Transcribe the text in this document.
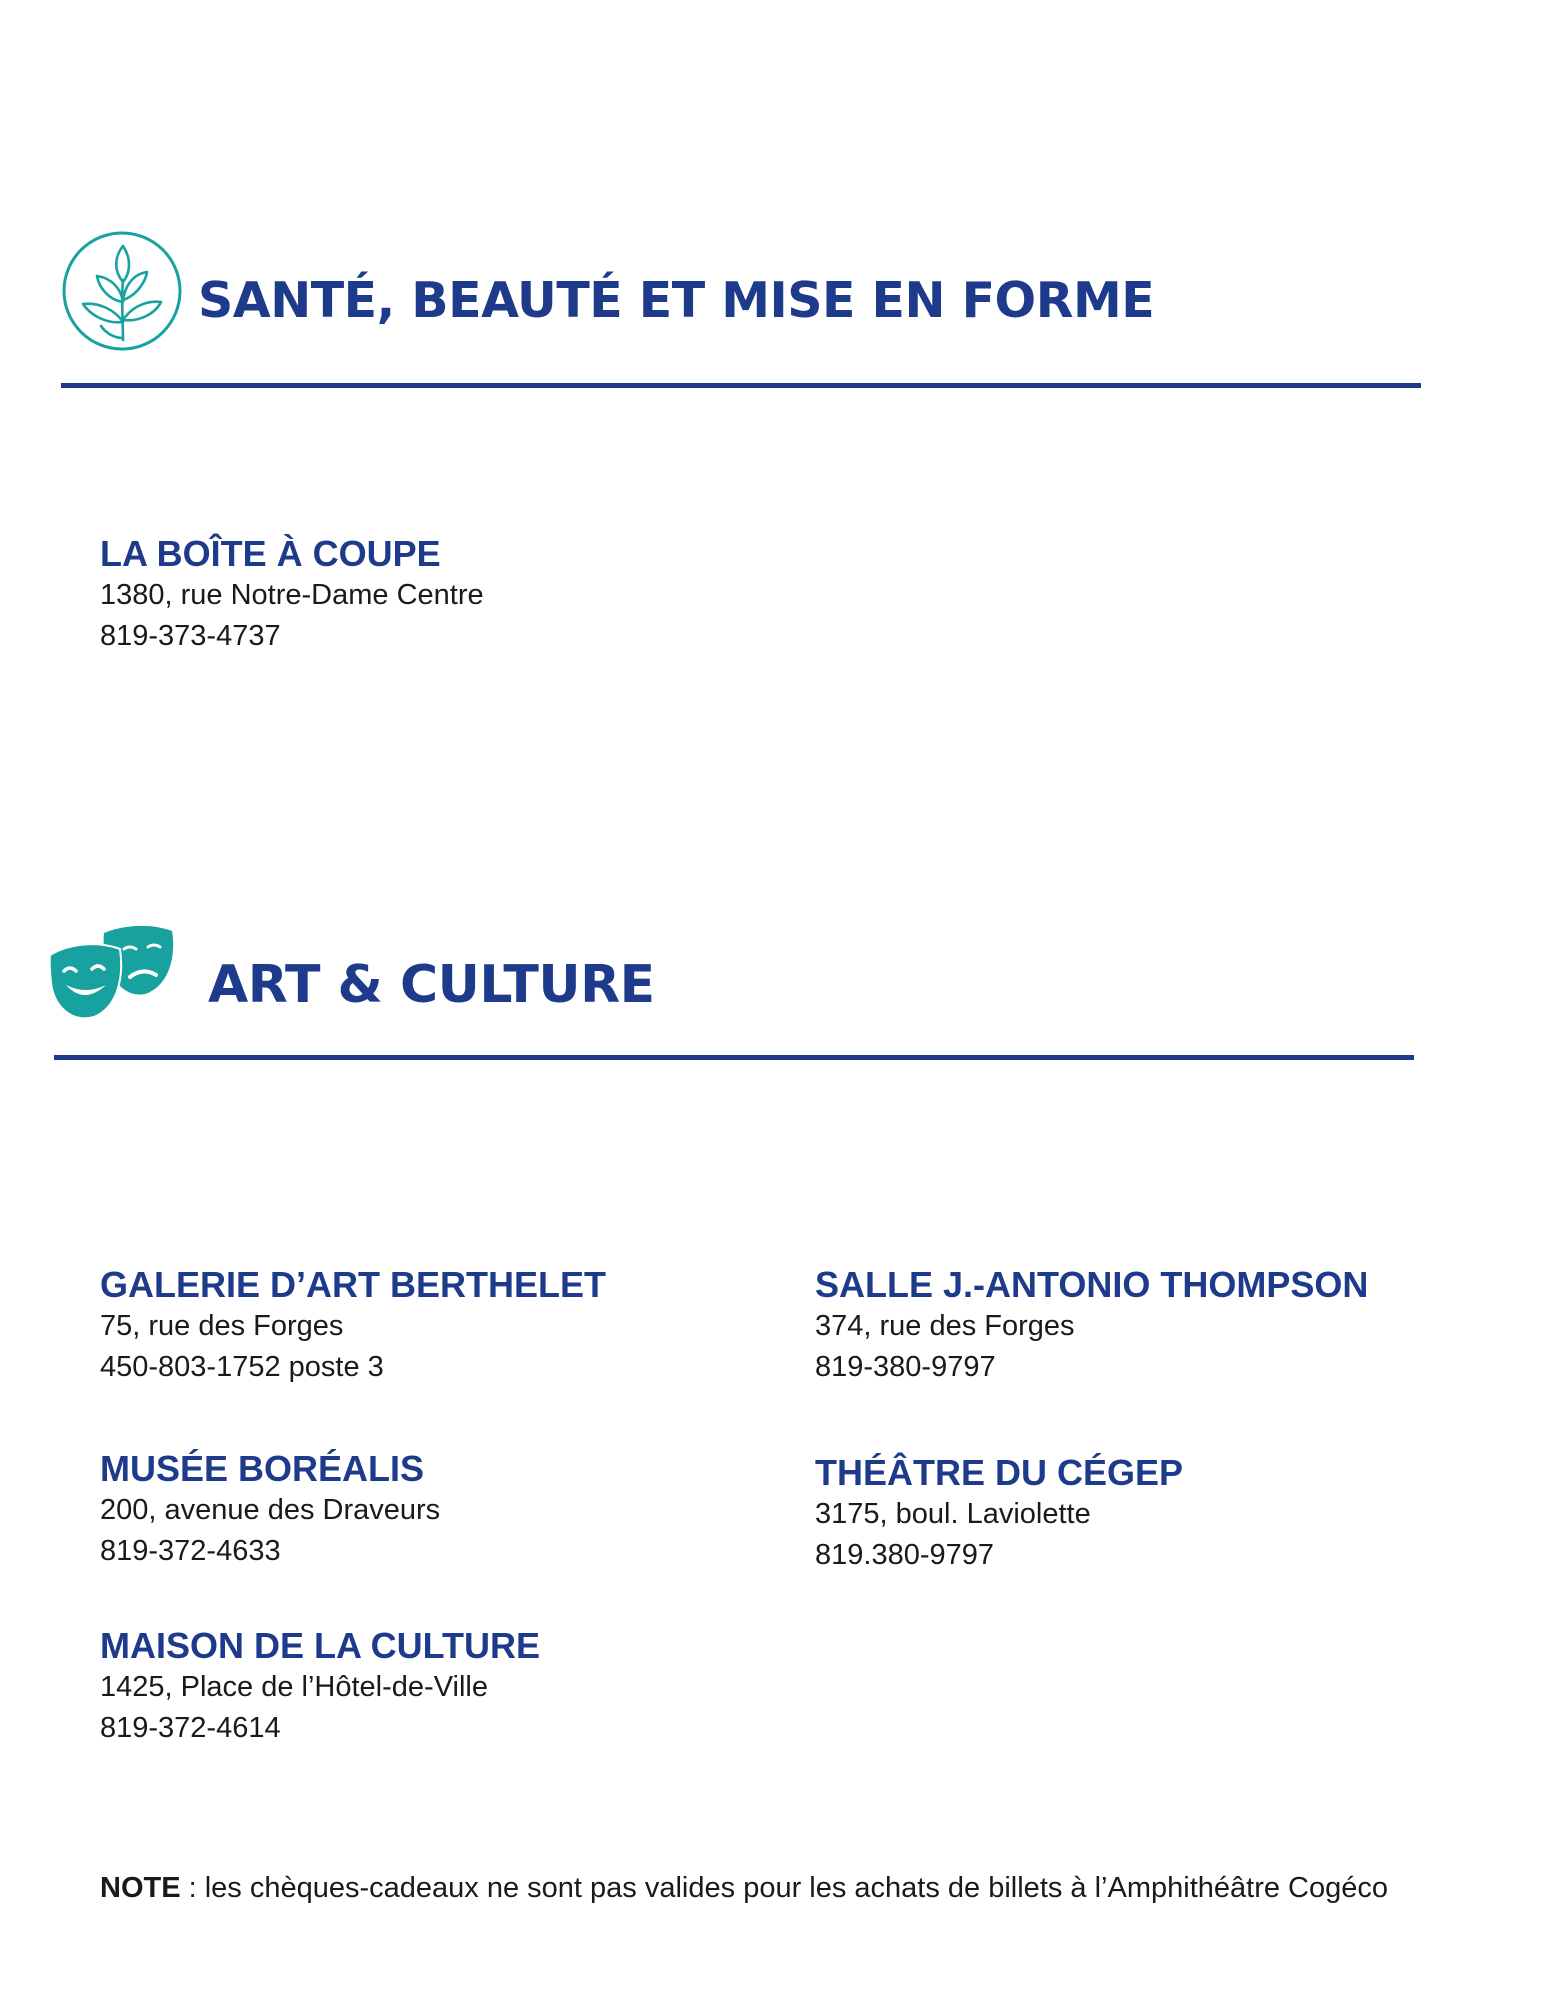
SANTÉ, BEAUTÉ ET MISE EN FORME
LA BOÎTE À COUPE
1380, rue Notre-Dame Centre
819-373-4737
ART & CULTURE
GALERIE D’ART BERTHELET
75, rue des Forges
450-803-1752 poste 3
MUSÉE BORÉALIS
200, avenue des Draveurs
819-372-4633
MAISON DE LA CULTURE
1425, Place de l’Hôtel-de-Ville
819-372-4614
SALLE J.-ANTONIO THOMPSON
374, rue des Forges
819-380-9797
THÉÂTRE DU CÉGEP
3175, boul. Laviolette
819.380-9797
NOTE : les chèques-cadeaux ne sont pas valides pour les achats de billets à l’Amphithéâtre Cogéco
